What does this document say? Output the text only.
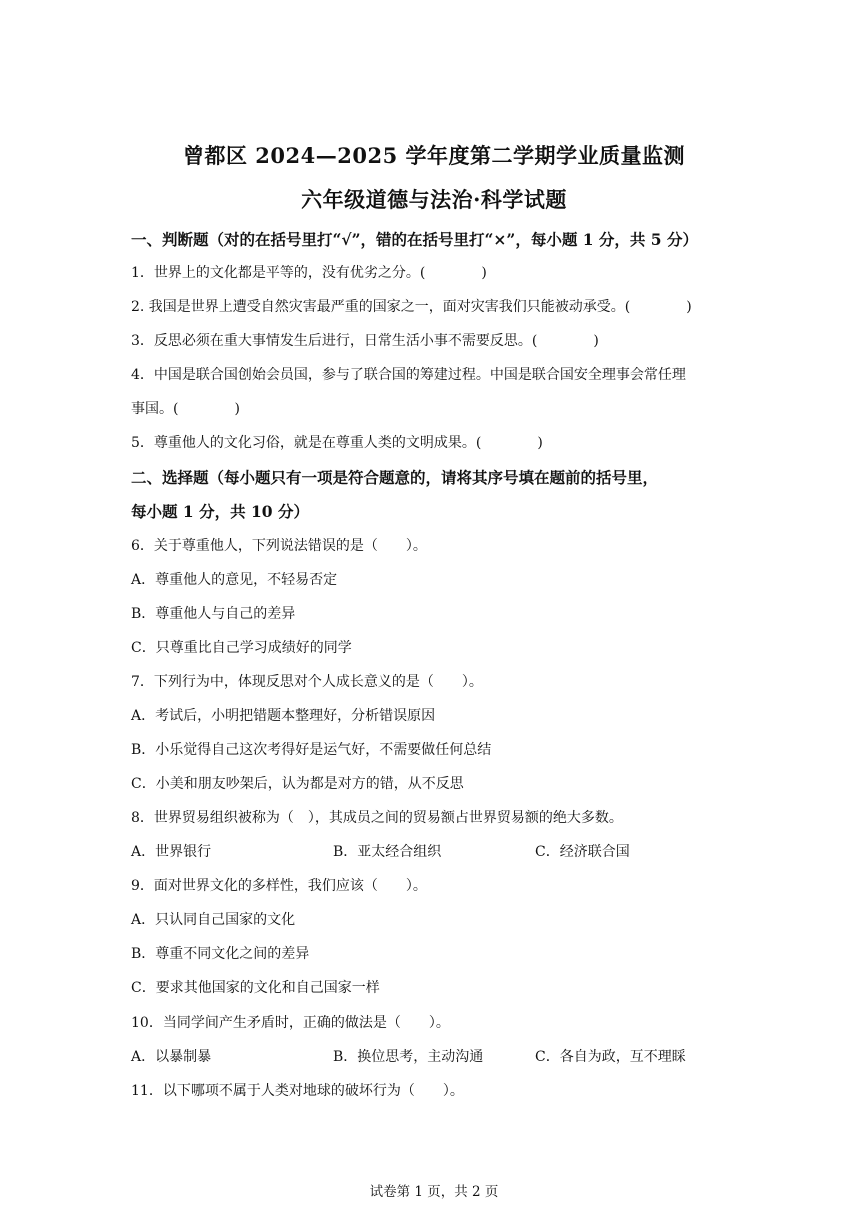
曾都区 2024—2025 学年度第二学期学业质量监测
六年级道德与法治·科学试题
一、判断题（对的在括号里打“√”，错的在括号里打“×”，每小题 1 分，共 5 分）
1．世界上的文化都是平等的，没有优劣之分。(　　　　)
2. 我国是世界上遭受自然灾害最严重的国家之一，面对灾害我们只能被动承受。(　　　　)
3．反思必须在重大事情发生后进行，日常生活小事不需要反思。(　　　　)
4．中国是联合国创始会员国，参与了联合国的筹建过程。中国是联合国安全理事会常任理
事国。(　　　　)
5．尊重他人的文化习俗，就是在尊重人类的文明成果。(　　　　)
二、选择题（每小题只有一项是符合题意的，请将其序号填在题前的括号里，
每小题 1 分，共 10 分）
6．关于尊重他人，下列说法错误的是（　　）。
A．尊重他人的意见，不轻易否定
B．尊重他人与自己的差异
C．只尊重比自己学习成绩好的同学
7．下列行为中，体现反思对个人成长意义的是（　　）。
A．考试后，小明把错题本整理好，分析错误原因
B．小乐觉得自己这次考得好是运气好，不需要做任何总结
C．小美和朋友吵架后，认为都是对方的错，从不反思
8．世界贸易组织被称为（　），其成员之间的贸易额占世界贸易额的绝大多数。
A．世界银行	B．亚太经合组织	C．经济联合国
9．面对世界文化的多样性，我们应该（　　）。
A．只认同自己国家的文化
B．尊重不同文化之间的差异
C．要求其他国家的文化和自己国家一样
10．当同学间产生矛盾时，正确的做法是（　　）。
A．以暴制暴	B．换位思考，主动沟通	C．各自为政，互不理睬
11．以下哪项不属于人类对地球的破坏行为（　　）。
试卷第 1 页，共 2 页
